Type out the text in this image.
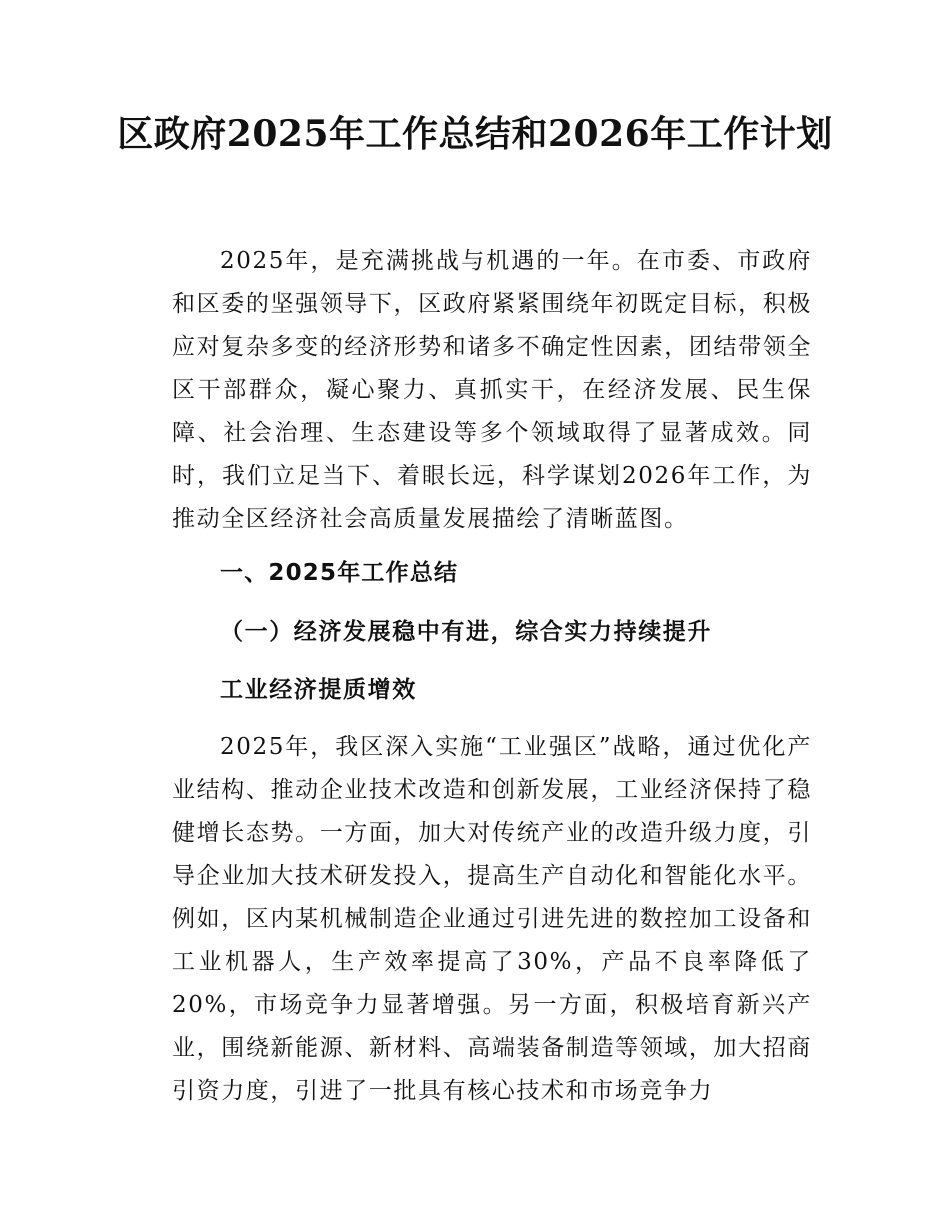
区政府2025年工作总结和2026年工作计划

2025年，是充满挑战与机遇的一年。在市委、市政府和区委的坚强领导下，区政府紧紧围绕年初既定目标，积极应对复杂多变的经济形势和诸多不确定性因素，团结带领全区干部群众，凝心聚力、真抓实干，在经济发展、民生保障、社会治理、生态建设等多个领域取得了显著成效。同时，我们立足当下、着眼长远，科学谋划2026年工作，为推动全区经济社会高质量发展描绘了清晰蓝图。

一、2025年工作总结
（一）经济发展稳中有进，综合实力持续提升
工业经济提质增效

2025年，我区深入实施“工业强区”战略，通过优化产业结构、推动企业技术改造和创新发展，工业经济保持了稳健增长态势。一方面，加大对传统产业的改造升级力度，引导企业加大技术研发投入，提高生产自动化和智能化水平。例如，区内某机械制造企业通过引进先进的数控加工设备和工业机器人，生产效率提高了30%，产品不良率降低了20%，市场竞争力显著增强。另一方面，积极培育新兴产业，围绕新能源、新材料、高端装备制造等领域，加大招商引资力度，引进了一批具有核心技术和市场竞争力
